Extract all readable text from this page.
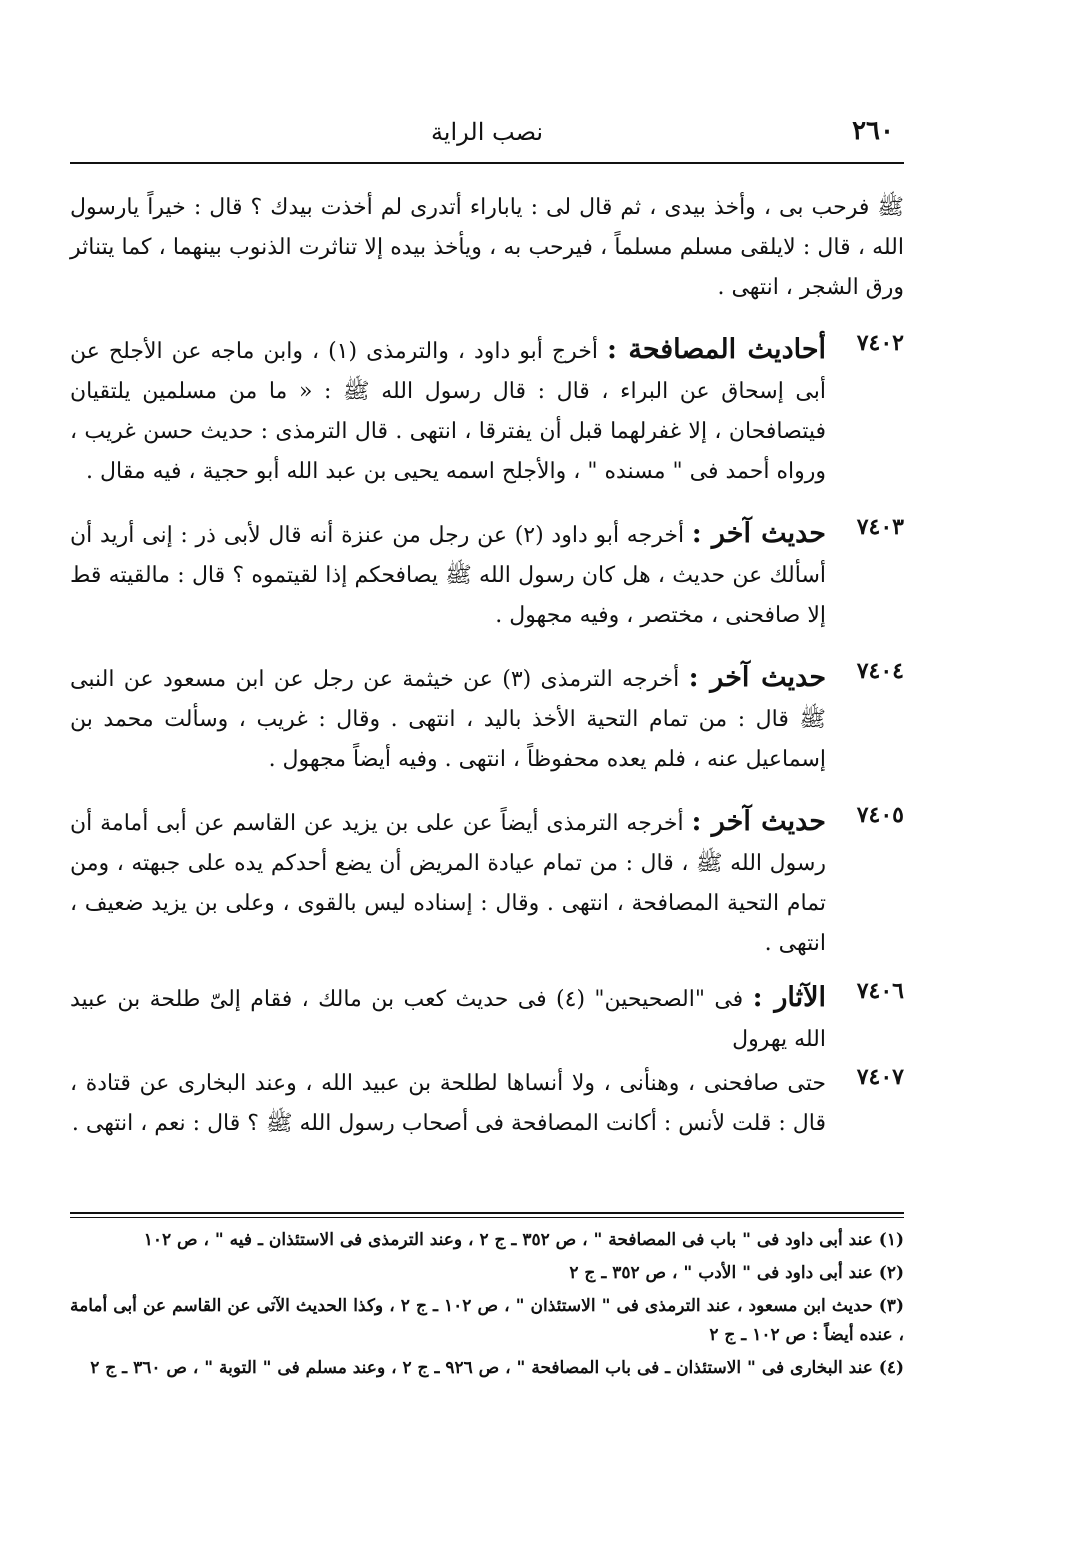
٢٦٠
نصب الراية

ﷺ فرحب بى ، وأخذ بيدى ، ثم قال لى : ياباراء أتدرى لم أخذت بيدك ؟ قال : خيراً يارسول الله ، قال : لايلقى مسلم مسلماً ، فيرحب به ، ويأخذ بيده إلا تناثرت الذنوب بينهما ، كما يتناثر ورق الشجر ، انتهى .

٧٤٠٢

أحاديث المصافحة : أخرج أبو داود ، والترمذى (١) ، وابن ماجه عن الأجلح عن أبى إسحاق عن البراء ، قال : قال رسول الله ﷺ : « ما من مسلمين يلتقيان فيتصافحان ، إلا غفرلهما قبل أن يفترقا ، انتهى . قال الترمذى : حديث حسن غريب ، ورواه أحمد فى " مسنده " ، والأجلح اسمه يحيى بن عبد الله أبو حجية ، فيه مقال .

٧٤٠٣

حديث آخر : أخرجه أبو داود (٢) عن رجل من عنزة أنه قال لأبى ذر : إنى أريد أن أسألك عن حديث ، هل كان رسول الله ﷺ يصافحكم إذا لقيتموه ؟ قال : مالقيته قط إلا صافحنى ، مختصر ، وفيه مجهول .

٧٤٠٤

حديث آخر : أخرجه الترمذى (٣) عن خيثمة عن رجل عن ابن مسعود عن النبى ﷺ قال : من تمام التحية الأخذ باليد ، انتهى . وقال : غريب ، وسألت محمد بن إسماعيل عنه ، فلم يعده محفوظاً ، انتهى . وفيه أيضاً مجهول .

٧٤٠٥

حديث آخر : أخرجه الترمذى أيضاً عن على بن يزيد عن القاسم عن أبى أمامة أن رسول الله ﷺ ، قال : من تمام عيادة المريض أن يضع أحدكم يده على جبهته ، ومن تمام التحية المصافحة ، انتهى . وقال : إسناده ليس بالقوى ، وعلى بن يزيد ضعيف ، انتهى .

٧٤٠٦

الآثار : فى "الصحيحين" (٤) فى حديث كعب بن مالك ، فقام إلىّ طلحة بن عبيد الله يهرول

٧٤٠٧

حتى صافحنى ، وهنأنى ، ولا أنساها لطلحة بن عبيد الله ، وعند البخارى عن قتادة ، قال : قلت لأنس : أكانت المصافحة فى أصحاب رسول الله ﷺ ؟ قال : نعم ، انتهى .

(١) عند أبى داود فى " باب فى المصافحة " ، ص ٣٥٢ ـ ج ٢ ، وعند الترمذى فى الاستئذان ـ فيه " ، ص ١٠٢

(٢) عند أبى داود فى " الأدب " ، ص ٣٥٢ ـ ج ٢

(٣) حديث ابن مسعود ، عند الترمذى فى " الاستئذان " ، ص ١٠٢ ـ ج ٢ ، وكذا الحديث الآتى عن القاسم عن أبى أمامة ، عنده أيضاً : ص ١٠٢ ـ ج ٢

(٤) عند البخارى فى " الاستئذان ـ فى باب المصافحة " ، ص ٩٢٦ ـ ج ٢ ، وعند مسلم فى " التوبة " ، ص ٣٦٠ ـ ج ٢
